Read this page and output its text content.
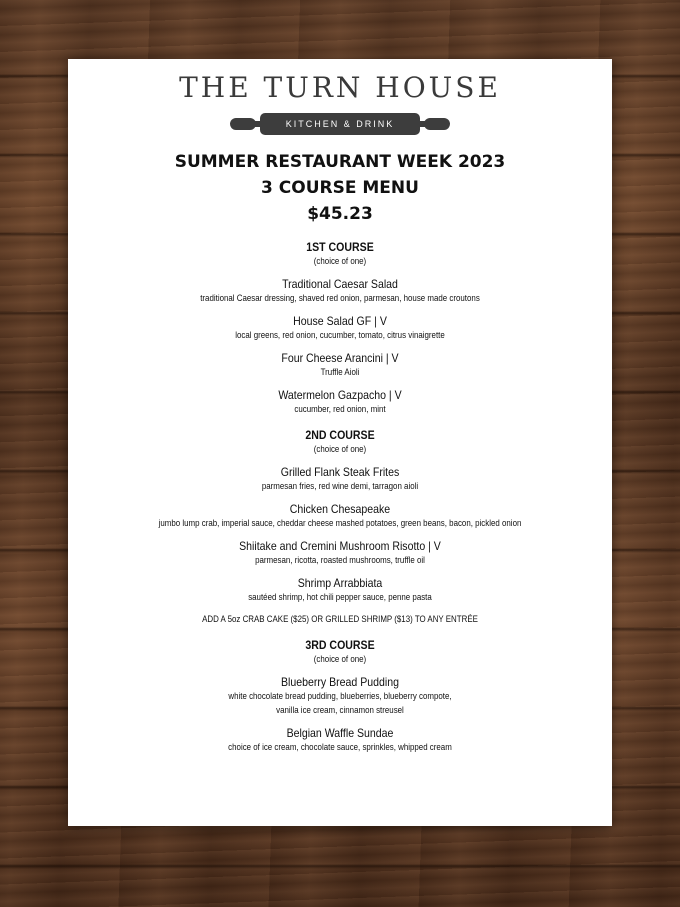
THE TURN HOUSE
KITCHEN & DRINK
SUMMER RESTAURANT WEEK 2023
3 COURSE MENU
$45.23
1ST COURSE
(choice of one)
Traditional Caesar Salad
traditional Caesar dressing, shaved red onion, parmesan, house made croutons
House Salad GF | V
local greens, red onion, cucumber, tomato, citrus vinaigrette
Four Cheese Arancini | V
Truffle Aioli
Watermelon Gazpacho | V
cucumber, red onion, mint
2ND COURSE
(choice of one)
Grilled Flank Steak Frites
parmesan fries, red wine demi, tarragon aioli
Chicken Chesapeake
jumbo lump crab, imperial sauce, cheddar cheese mashed potatoes, green beans, bacon, pickled onion
Shiitake and Cremini Mushroom Risotto | V
parmesan, ricotta, roasted mushrooms, truffle oil
Shrimp Arrabbiata
sautéed shrimp, hot chili pepper sauce, penne pasta
ADD A 5oz CRAB CAKE ($25) OR GRILLED SHRIMP ($13) TO ANY ENTRÉE
3RD COURSE
(choice of one)
Blueberry Bread Pudding
white chocolate bread pudding, blueberries, blueberry compote,
vanilla ice cream, cinnamon streusel
Belgian Waffle Sundae
choice of ice cream, chocolate sauce, sprinkles, whipped cream
